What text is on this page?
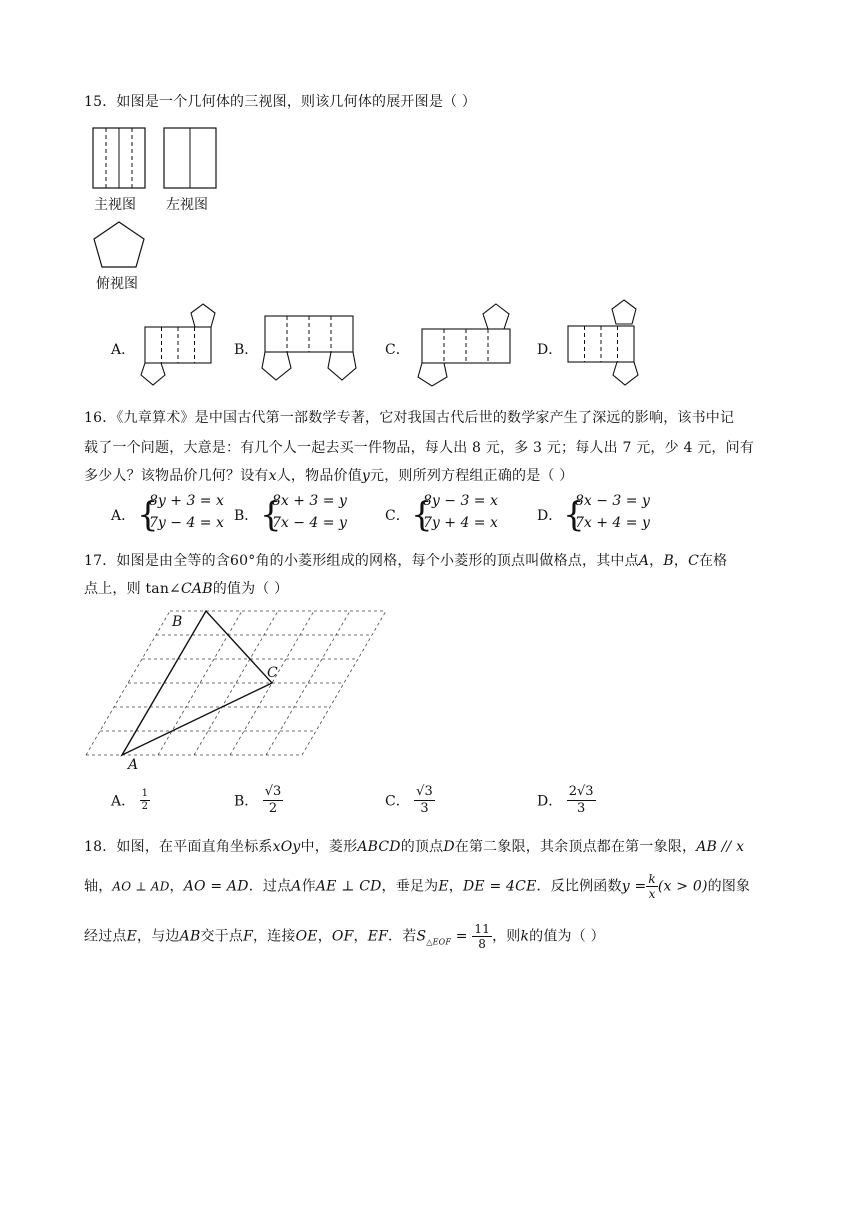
15．如图是一个几何体的三视图，则该几何体的展开图是（ ）
主视图 左视图
俯视图
A．	B．	C．	D．
16．《九章算术》是中国古代第一部数学专著，它对我国古代后世的数学家产生了深远的影响，该书中记
载了一个问题，大意是：有几个人一起去买一件物品，每人出 8 元，多 3 元；每人出 7 元，少 4 元，问有
多少人？该物品价几何？设有x人，物品价值y元，则所列方程组正确的是（ ）
A． {
8y + 3 = x
7y − 4 = x B． {
8x + 3 = y
7x − 4 = y	C． {
8y − 3 = x
7y + 4 = x	D． {
8x − 3 = y
7x + 4 = y
17．如图是由全等的含60°角的小菱形组成的网格，每个小菱形的顶点叫做格点，其中点A，B，C在格
点上，则 tan∠CAB的值为（ ）
B
C
A
A． $\frac{1}{2}$	B． $\frac{√3}{2}$	C． $\frac{√3}{3}$	D． $\frac{2√3}{3}$
18．如图，在平面直角坐标系xOy中，菱形ABCD的顶点D在第二象限，其余顶点都在第一象限，AB // x
轴，AO ⊥ AD，AO = AD．过点A作AE ⊥ CD，垂足为E，DE = 4CE．反比例函数$y = \frac{k}{x} (x > 0)$的图象
经过点E，与边AB交于点F，连接OE，OF，EF．若$S_{\triangle EOF} = \frac{11}{8}$ ，则k的值为（ ）
